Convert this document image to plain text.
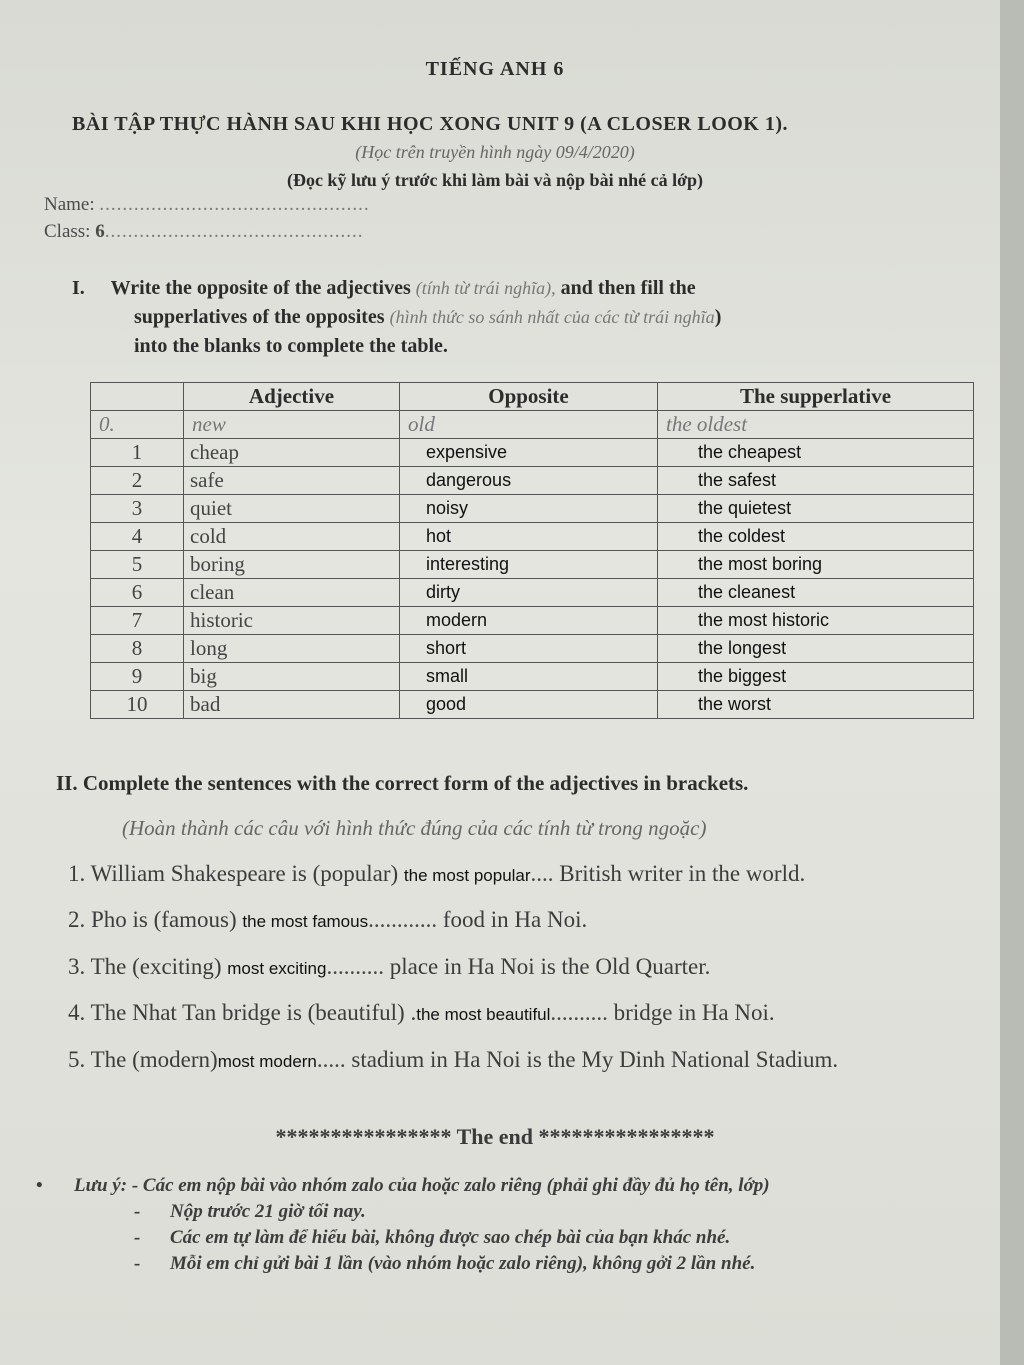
TIẾNG ANH 6
BÀI TẬP THỰC HÀNH SAU KHI HỌC XONG UNIT 9 (A CLOSER LOOK 1).
(Học trên truyền hình ngày 09/4/2020)
(Đọc kỹ lưu ý trước khi làm bài và nộp bài nhé cả lớp)
Name: ...............................................
Class: 6.............................................
I. Write the opposite of the adjectives (tính từ trái nghĩa), and then fill the
supperlatives of the opposites (hình thức so sánh nhất của các từ trái nghĩa)
into the blanks to complete the table.
	Adjective	Opposite	The supperlative
0.	new	old	the oldest
1	cheap	expensive	the cheapest
2	safe	dangerous	the safest
3	quiet	noisy	the quietest
4	cold	hot	the coldest
5	boring	interesting	the most boring
6	clean	dirty	the cleanest
7	historic	modern	the most historic
8	long	short	the longest
9	big	small	the biggest
10	bad	good	the worst
II. Complete the sentences with the correct form of the adjectives in brackets.
(Hoàn thành các câu với hình thức đúng của các tính từ trong ngoặc)
1. William Shakespeare is (popular) the most popular.... British writer in the world.
2. Pho is (famous) the most famous............ food in Ha Noi.
3. The (exciting) most exciting.......... place in Ha Noi is the Old Quarter.
4. The Nhat Tan bridge is (beautiful) .the most beautiful.......... bridge in Ha Noi.
5. The (modern)most modern..... stadium in Ha Noi is the My Dinh National Stadium.
**************** The end ****************
• Lưu ý: - Các em nộp bài vào nhóm zalo của hoặc zalo riêng (phải ghi đầy đủ họ tên, lớp)
- Nộp trước 21 giờ tối nay.
- Các em tự làm để hiểu bài, không được sao chép bài của bạn khác nhé.
- Mỗi em chỉ gửi bài 1 lần (vào nhóm hoặc zalo riêng), không gởi 2 lần nhé.
